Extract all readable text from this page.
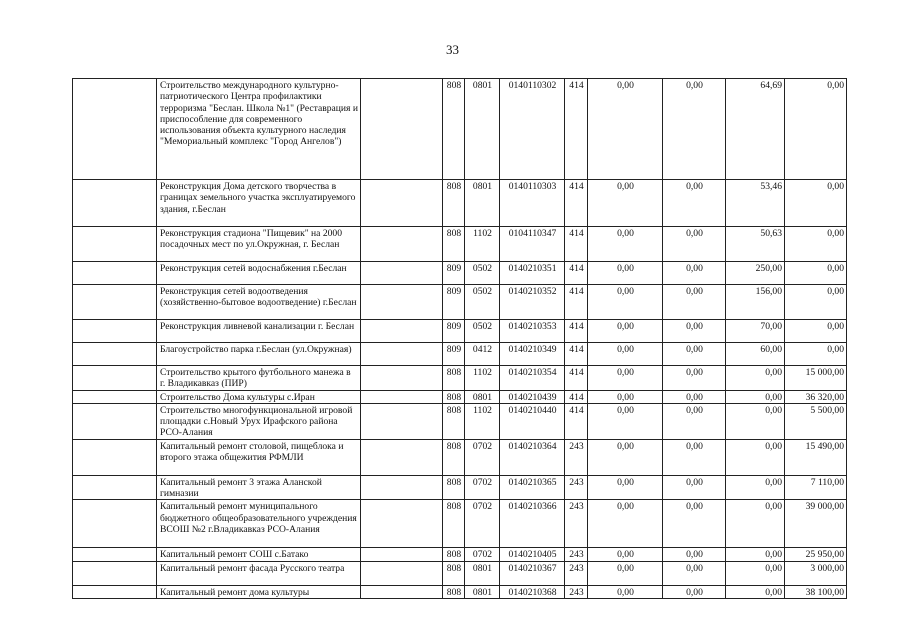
33
	Строительство международного культурно-патриотического Центра профилактики терроризма "Беслан. Школа №1" (Реставрация и приспособление для современного использования объекта культурного наследия "Мемориальный комплекс "Город Ангелов")		808	0801	0140110302	414	0,00	0,00	64,69	0,00
	Реконструкция Дома детского творчества в границах земельного участка эксплуатируемого здания, г.Беслан		808	0801	0140110303	414	0,00	0,00	53,46	0,00
	Реконструкция стадиона "Пищевик" на 2000 посадочных мест по ул.Окружная, г. Беслан		808	1102	0104110347	414	0,00	0,00	50,63	0,00
	Реконструкция сетей водоснабжения г.Беслан		809	0502	0140210351	414	0,00	0,00	250,00	0,00
	Реконструкция сетей водоотведения (хозяйственно-бытовое водоотведение) г.Беслан		809	0502	0140210352	414	0,00	0,00	156,00	0,00
	Реконструкция ливневой канализации г. Беслан		809	0502	0140210353	414	0,00	0,00	70,00	0,00
	Благоустройство парка г.Беслан (ул.Окружная)		809	0412	0140210349	414	0,00	0,00	60,00	0,00
	Строительство крытого футбольного манежа в г. Владикавказ (ПИР)		808	1102	0140210354	414	0,00	0,00	0,00	15 000,00
	Строительство Дома культуры с.Иран		808	0801	0140210439	414	0,00	0,00	0,00	36 320,00
	Строительство многофункциональной игровой площадки с.Новый Урух Ирафского района РСО-Алания		808	1102	0140210440	414	0,00	0,00	0,00	5 500,00
	Капитальный ремонт столовой, пищеблока и второго этажа общежития РФМЛИ		808	0702	0140210364	243	0,00	0,00	0,00	15 490,00
	Капитальный ремонт 3 этажа Аланской гимназии		808	0702	0140210365	243	0,00	0,00	0,00	7 110,00
	Капитальный ремонт муниципального бюджетного общеобразовательного учреждения ВСОШ №2 г.Владикавказ РСО-Алания		808	0702	0140210366	243	0,00	0,00	0,00	39 000,00
	Капитальный ремонт СОШ с.Батако		808	0702	0140210405	243	0,00	0,00	0,00	25 950,00
	Капитальный ремонт фасада Русского театра		808	0801	0140210367	243	0,00	0,00	0,00	3 000,00
	Капитальный ремонт дома культуры		808	0801	0140210368	243	0,00	0,00	0,00	38 100,00
